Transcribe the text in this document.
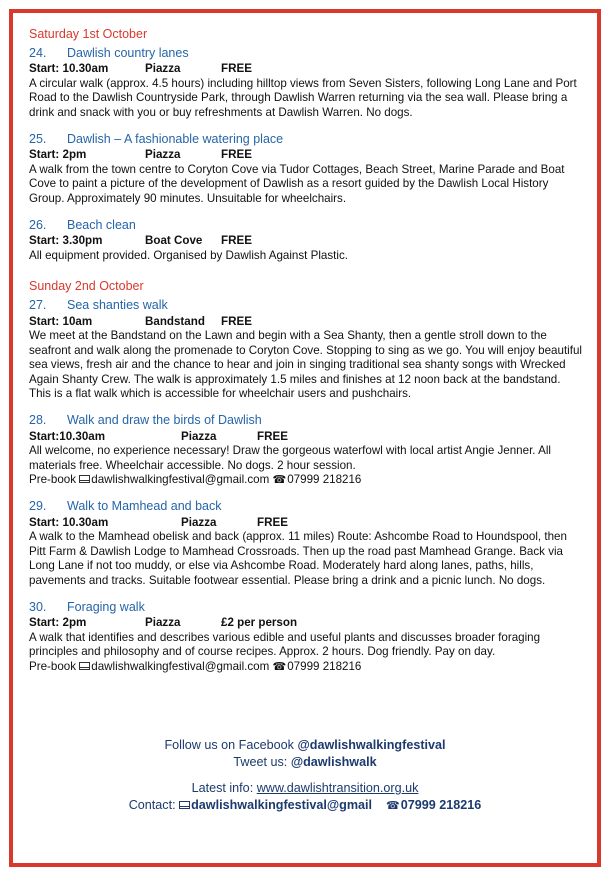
Saturday 1st October
24. Dawlish country lanes
Start: 10.30am	Piazza	FREE
A circular walk (approx. 4.5 hours) including hilltop views from Seven Sisters, following Long Lane and Port Road to the Dawlish Countryside Park, through Dawlish Warren returning via the sea wall. Please bring a drink and snack with you or buy refreshments at Dawlish Warren. No dogs.
25. Dawlish – A fashionable watering place
Start: 2pm	Piazza	FREE
A walk from the town centre to Coryton Cove via Tudor Cottages, Beach Street, Marine Parade and Boat Cove to paint a picture of the development of Dawlish as a resort guided by the Dawlish Local History Group. Approximately 90 minutes. Unsuitable for wheelchairs.
26. Beach clean
Start: 3.30pm	Boat Cove FREE
All equipment provided. Organised by Dawlish Against Plastic.
Sunday 2nd October
27. Sea shanties walk
Start: 10am	Bandstand FREE
We meet at the Bandstand on the Lawn and begin with a Sea Shanty, then a gentle stroll down to the seafront and walk along the promenade to Coryton Cove. Stopping to sing as we go. You will enjoy beautiful sea views, fresh air and the chance to hear and join in singing traditional sea shanty songs with Wrecked Again Shanty Crew. The walk is approximately 1.5 miles and finishes at 12 noon back at the bandstand. This is a flat walk which is accessible for wheelchair users and pushchairs.
28. Walk and draw the birds of Dawlish
Start:10.30am	Piazza	FREE
All welcome, no experience necessary! Draw the gorgeous waterfowl with local artist Angie Jenner. All materials free. Wheelchair accessible. No dogs. 2 hour session.
Pre-book dawlishwalkingfestival@gmail.com ☎07999 218216
29. Walk to Mamhead and back
Start: 10.30am	Piazza	FREE
A walk to the Mamhead obelisk and back (approx. 11 miles) Route: Ashcombe Road to Houndspool, then Pitt Farm & Dawlish Lodge to Mamhead Crossroads. Then up the road past Mamhead Grange. Back via Long Lane if not too muddy, or else via Ashcombe Road. Moderately hard along lanes, paths, hills, pavements and tracks. Suitable footwear essential. Please bring a drink and a picnic lunch. No dogs.
30. Foraging walk
Start: 2pm	Piazza	£2 per person
A walk that identifies and describes various edible and useful plants and discusses broader foraging principles and philosophy and of course recipes. Approx. 2 hours. Dog friendly. Pay on day.
Pre-book dawlishwalkingfestival@gmail.com ☎07999 218216
Follow us on Facebook @dawlishwalkingfestival
Tweet us: @dawlishwalk
Latest info: www.dawlishtransition.org.uk
Contact: dawlishwalkingfestival@gmail ☎07999 218216
